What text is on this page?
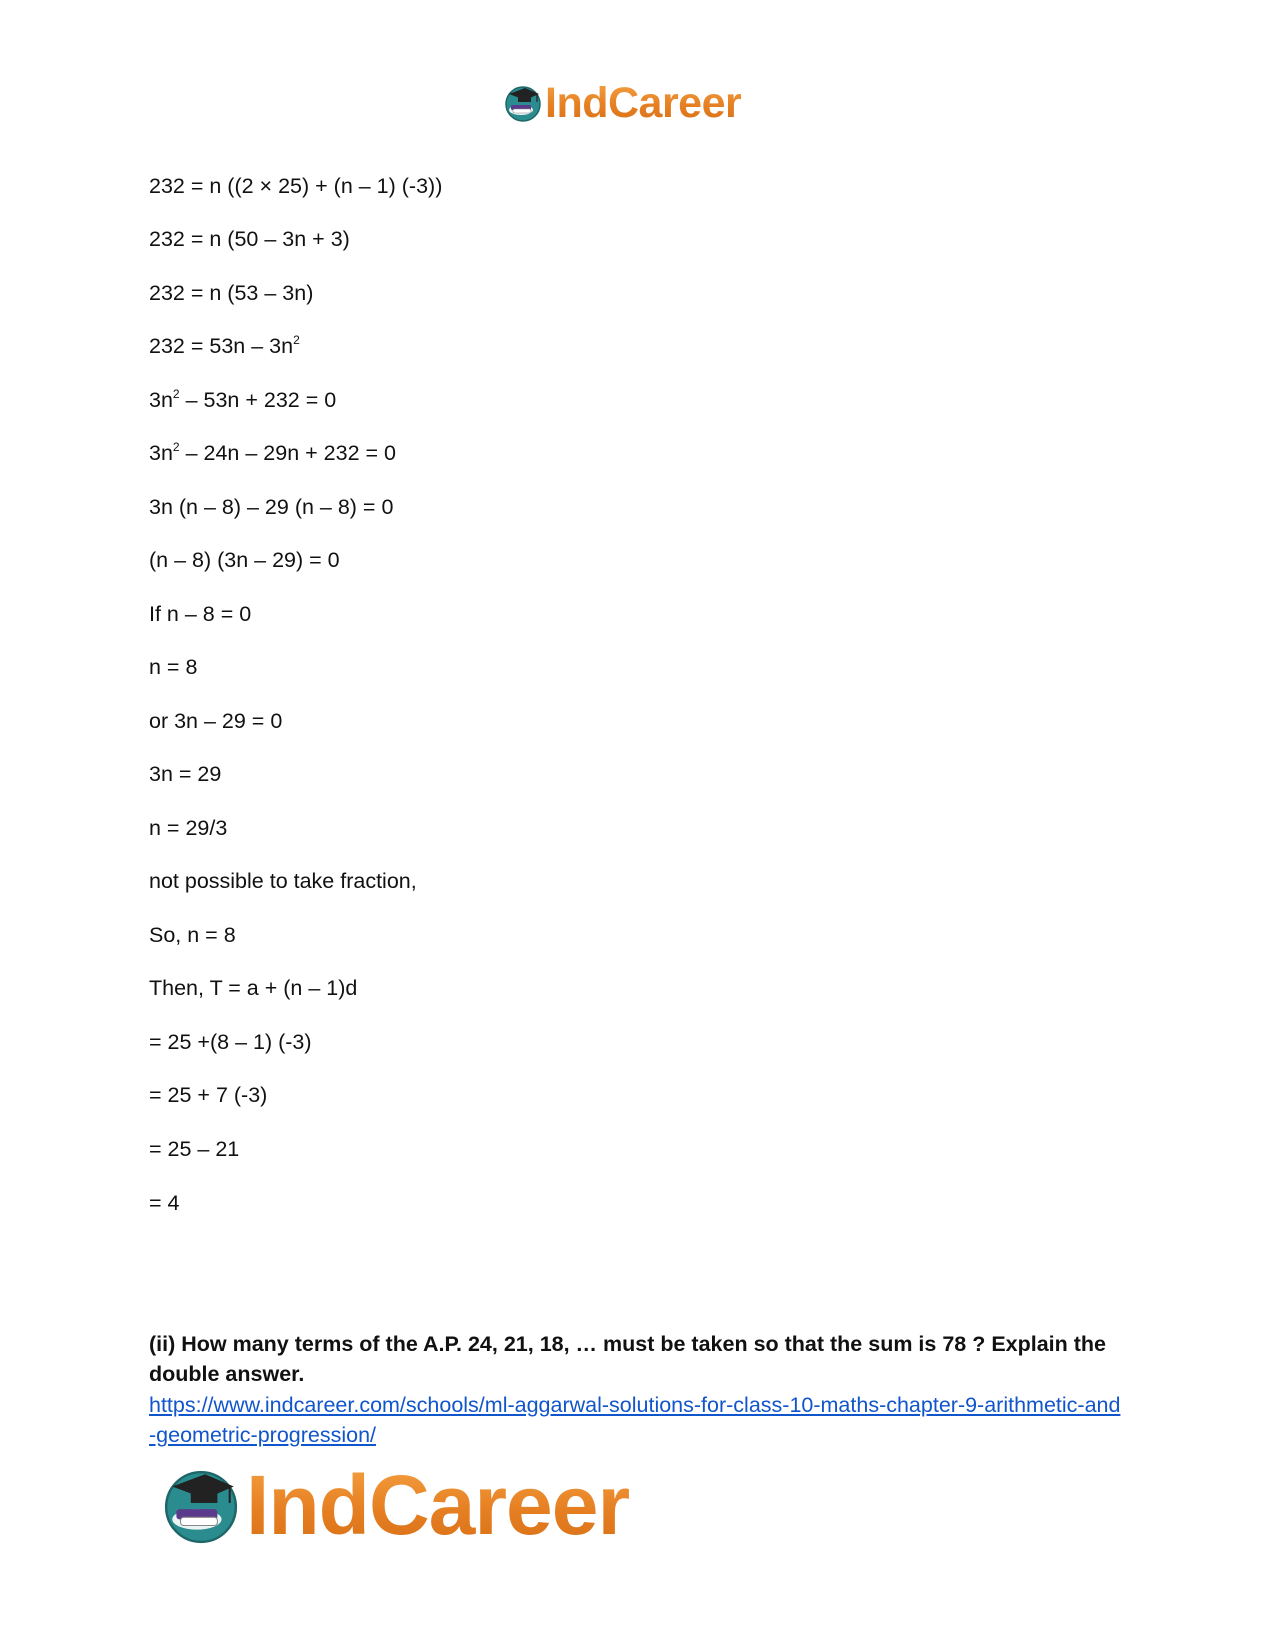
IndCareer
232 = n ((2 × 25) + (n – 1) (-3))
232 = n (50 – 3n + 3)
232 = n (53 – 3n)
$232 = 53n - 3n^2$
$3n^2 - 53n + 232 = 0$
$3n^2 - 24n - 29n + 232 = 0$
3n (n – 8) – 29 (n – 8) = 0
(n – 8) (3n – 29) = 0
If n – 8 = 0
n = 8
or 3n – 29 = 0
3n = 29
n = 29/3
not possible to take fraction,
So, n = 8
Then, T = a + (n – 1)d
= 25 +(8 – 1) (-3)
= 25 + 7 (-3)
= 25 – 21
= 4
(ii) How many terms of the A.P. 24, 21, 18, … must be taken so that the sum is 78 ? Explain the double answer.
https://www.indcareer.com/schools/ml-aggarwal-solutions-for-class-10-maths-chapter-9-arithmetic-and-geometric-progression/
IndCareer
